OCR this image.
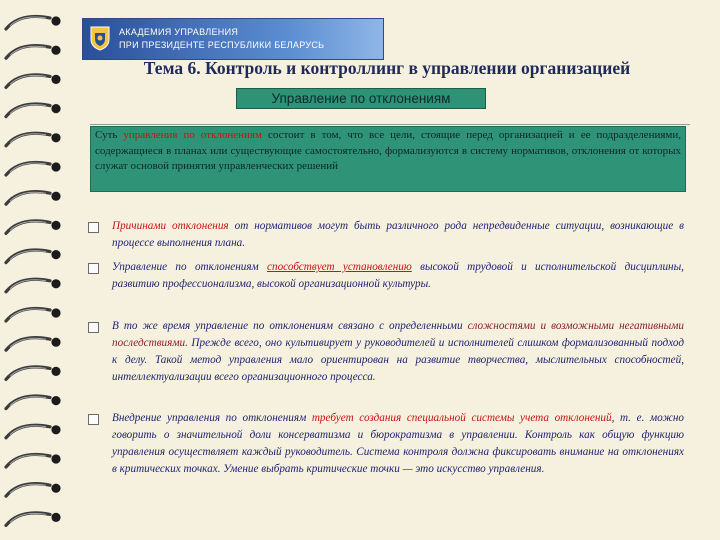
АКАДЕМИЯ УПРАВЛЕНИЯ
ПРИ ПРЕЗИДЕНТЕ РЕСПУБЛИКИ БЕЛАРУСЬ
Тема 6. Контроль и контроллинг в управлении организацией
Управление по отклонениям
Суть управления по отклонениям состоит в том, что все цели, стоящие перед организацией и ее подразделениями, содержащиеся в планах или существующие самостоятельно, формализуются в систему нормативов, отклонения от которых служат основой принятия управленческих решений
Причинами отклонения от нормативов могут быть различного рода непредвиденные ситуации, возникающие в процессе выполнения плана.
Управление по отклонениям способствует установлению высокой трудовой и исполнительской дисциплины, развитию профессионализма, высокой организационной культуры.
В то же время управление по отклонениям связано с определенными сложностями и возможными негативными последствиями. Прежде всего, оно культивирует у руководителей и исполнителей слишком формализованный подход к делу. Такой метод управления мало ориентирован на развитие творчества, мыслительных способностей, интеллектуализации всего организационного процесса.
Внедрение управления по отклонениям требует создания специальной системы учета отклонений, т. е. можно говорить о значительной доли консерватизма и бюрократизма в управлении. Контроль как общую функцию управления осуществляет каждый руководитель. Система контроля должна фиксировать внимание на отклонениях в критических точках. Умение выбрать критические точки — это искусство управления.
